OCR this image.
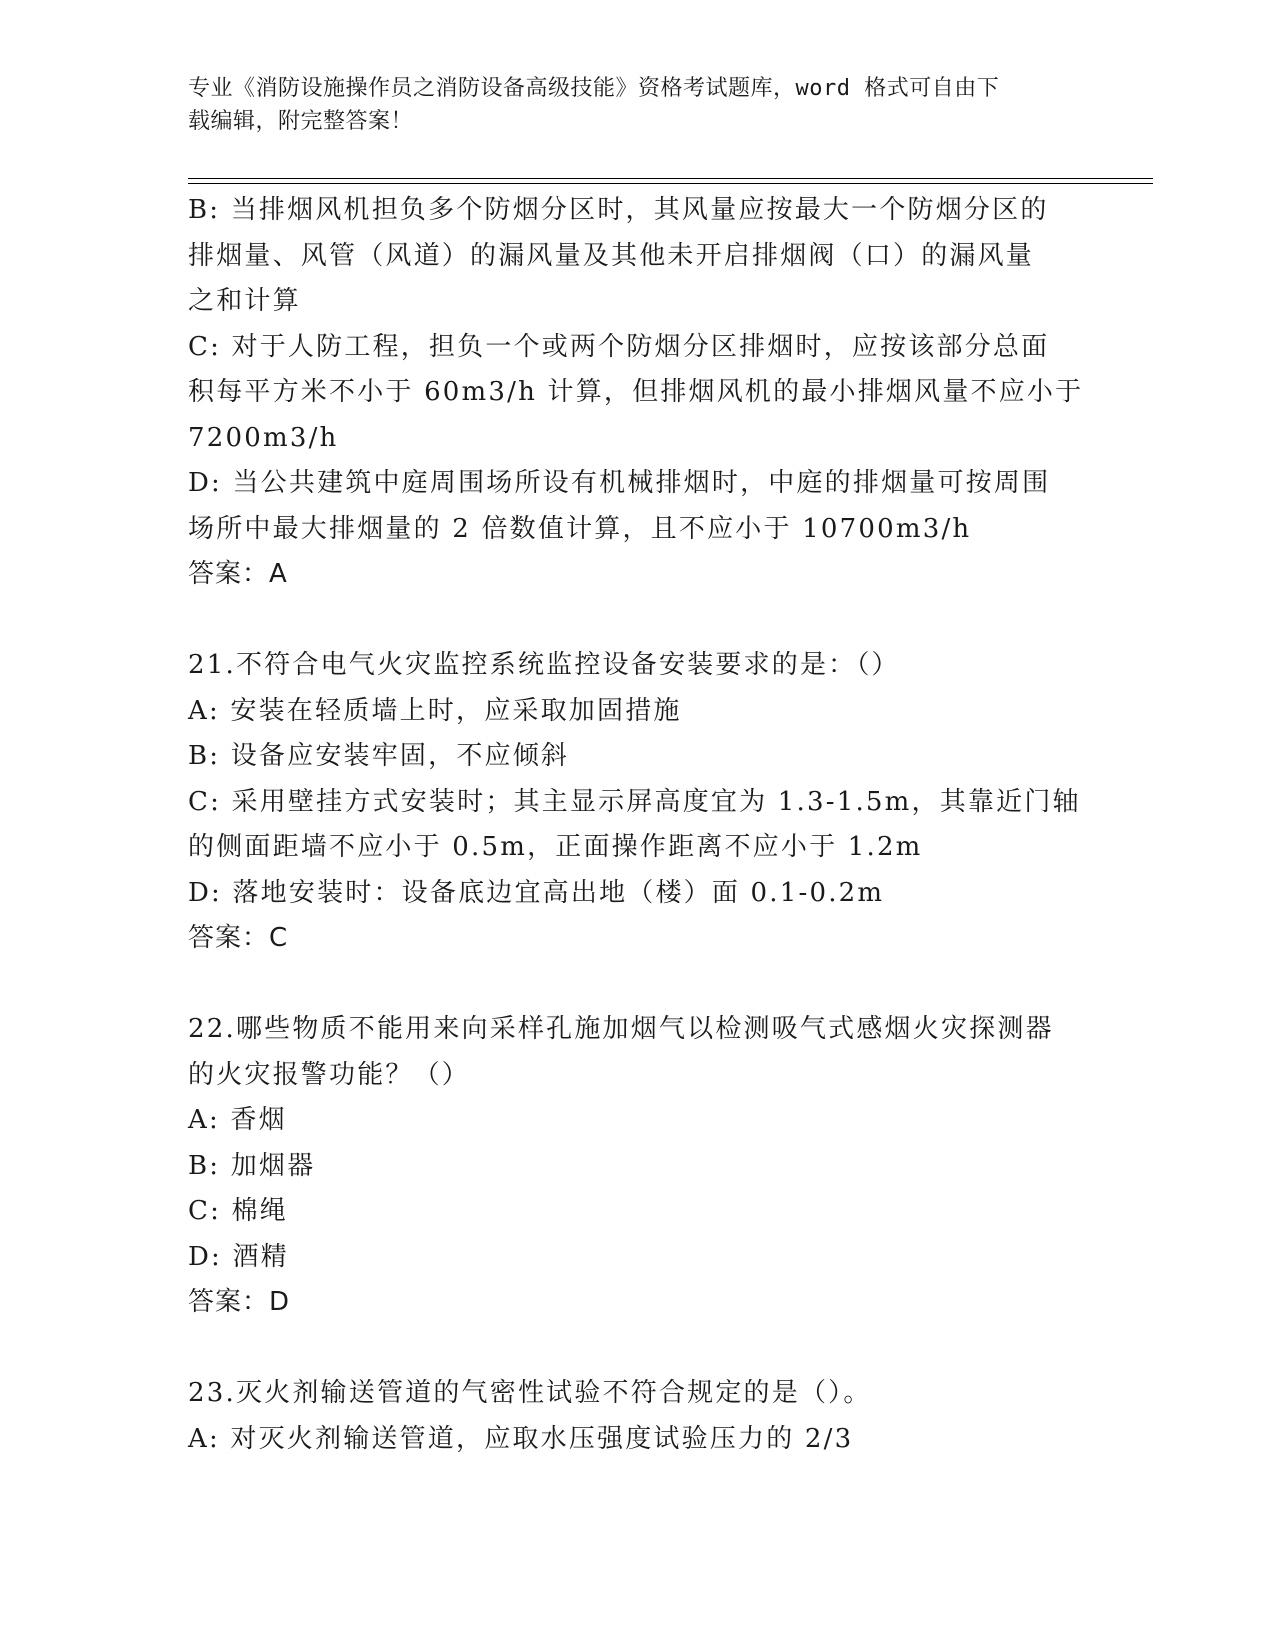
专业《消防设施操作员之消防设备高级技能》资格考试题库，word 格式可自由下
载编辑，附完整答案！
B: 当排烟风机担负多个防烟分区时，其风量应按最大一个防烟分区的
排烟量、风管（风道）的漏风量及其他未开启排烟阀（口）的漏风量
之和计算
C: 对于人防工程，担负一个或两个防烟分区排烟时，应按该部分总面
积每平方米不小于 60m3/h 计算，但排烟风机的最小排烟风量不应小于
7200m3/h
D: 当公共建筑中庭周围场所设有机械排烟时，中庭的排烟量可按周围
场所中最大排烟量的 2 倍数值计算，且不应小于 10700m3/h
答案：A
21.不符合电气火灾监控系统监控设备安装要求的是：（）
A: 安装在轻质墙上时，应采取加固措施
B: 设备应安装牢固，不应倾斜
C: 采用壁挂方式安装时；其主显示屏高度宜为 1.3-1.5m，其靠近门轴
的侧面距墙不应小于 0.5m，正面操作距离不应小于 1.2m
D: 落地安装时：设备底边宜高出地（楼）面 0.1-0.2m
答案：C
22.哪些物质不能用来向采样孔施加烟气以检测吸气式感烟火灾探测器
的火灾报警功能？（）
A: 香烟
B: 加烟器
C: 棉绳
D: 酒精
答案：D
23.灭火剂输送管道的气密性试验不符合规定的是（）。
A: 对灭火剂输送管道，应取水压强度试验压力的 2/3
